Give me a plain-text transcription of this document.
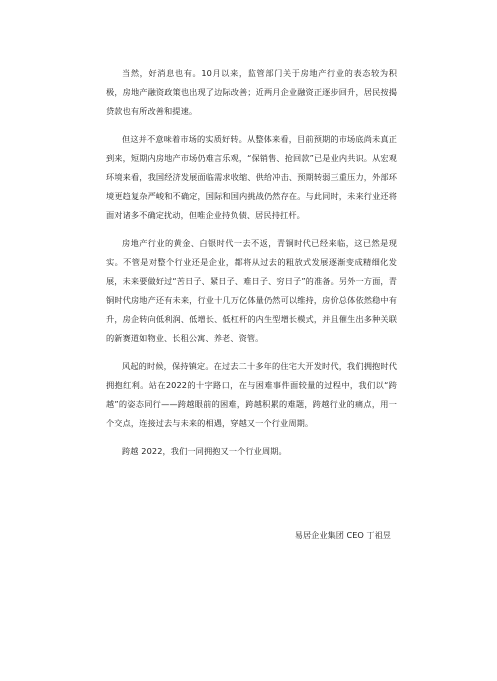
当然，好消息也有。10月以来，监管部门关于房地产行业的表态较为积极，房地产融资政策也出现了边际改善；近两月企业融资正逐步回升，居民按揭贷款也有所改善和提速。

但这并不意味着市场的实质好转。从整体来看，目前预期的市场底尚未真正到来，短期内房地产市场仍难言乐观，“保销售、抢回款”已是业内共识。从宏观环境来看，我国经济发展面临需求收缩、供给冲击、预期转弱三重压力，外部环境更趋复杂严峻和不确定，国际和国内挑战仍然存在。与此同时，未来行业还将面对诸多不确定扰动，但唯企业持负债、居民持扛杆。

房地产行业的黄金、白银时代一去不返，青铜时代已经来临，这已然是现实。不管是对整个行业还是企业，都将从过去的粗放式发展逐渐变成精细化发展，未来要做好过“苦日子、紧日子、难日子、穷日子”的准备。另外一方面，青铜时代房地产还有未来，行业十几万亿体量仍然可以维持，房价总体依然稳中有升，房企转向低利润、低增长、低杠杆的内生型增长模式，并且催生出多种关联的新赛道如物业、长租公寓、养老、资管。

风起的时候，保持镇定。在过去二十多年的住宅大开发时代，我们拥抱时代拥抱红利。站在2022的十字路口，在与困难事件面较量的过程中，我们以“跨越”的姿态同行——跨越眼前的困难，跨越积累的难题，跨越行业的痛点，用一个交点，连接过去与未来的相遇，穿越又一个行业周期。

跨越 2022，我们一同拥抱又一个行业周期。

易居企业集团 CEO 丁祖昱
